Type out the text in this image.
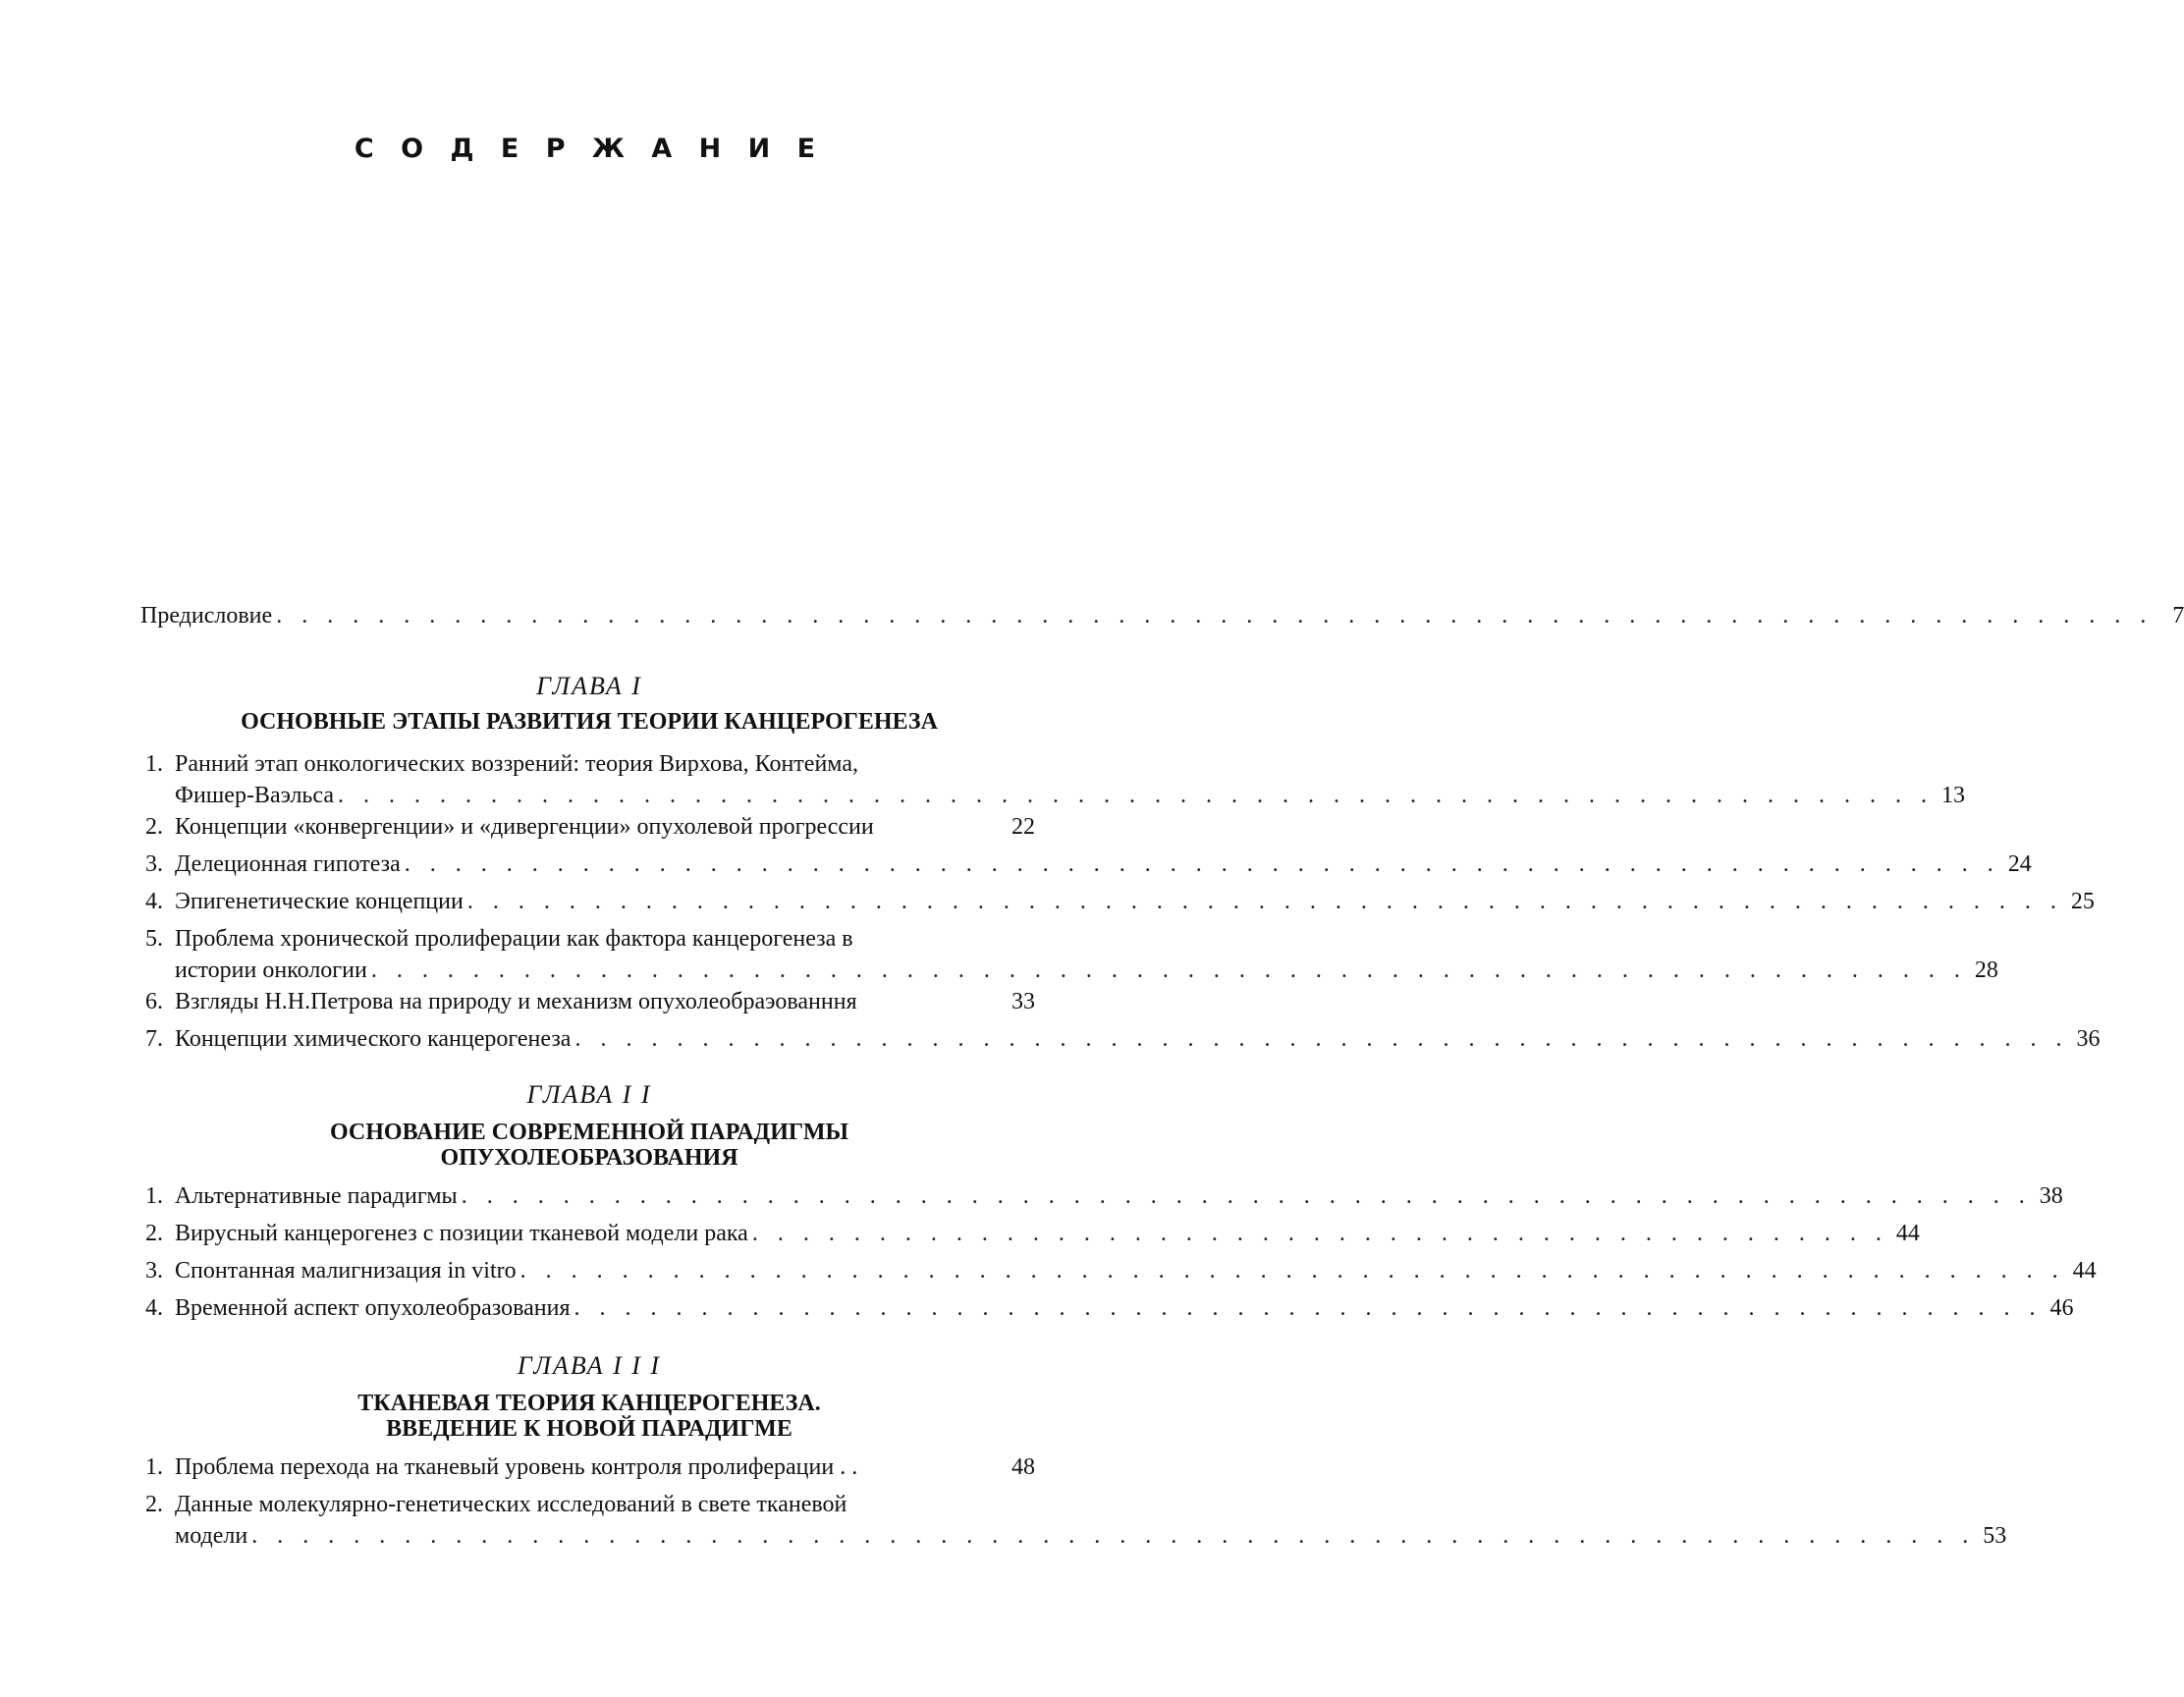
С О Д Е Р Ж А Н И Е
Предисловие . . . . . . . . . . . . . . . . . . . . . . . . . . . . . . . . . . . . . . . . . . . . . . . . . . . . . . . . . . . . . . . . . . . . . . . . . . 7
ГЛАВА I
ОСНОВНЫЕ ЭТАПЫ РАЗВИТИЯ ТЕОРИИ КАНЦЕРОГЕНЕЗА
1. Ранний этап онкологических воззрений: теория Вирхова, Контейма,
Фишер-Ваэльса . . . . . . . . . . . . . . . . . . . . . . . . . . . . . . . . . . . . . . . . . . . . . . . . . . . . . . . . . . . . . . . 13
2. Концепции «конвергенции» и «дивергенции» опухолевой прогрессии	22
3. Делеционная гипотеза . . . . . . . . . . . . . . . . . . . . . . . . . . . . . . . . . . . . . . . . . . . . . . . . . . . . . . . . . . . . . . . 24
4. Эпигенетические концепции . . . . . . . . . . . . . . . . . . . . . . . . . . . . . . . . . . . . . . . . . . . . . . . . . . . . . . . . . . . . . . . 25
5. Проблема хронической пролиферации как фактора канцерогенеза в
истории онкологии . . . . . . . . . . . . . . . . . . . . . . . . . . . . . . . . . . . . . . . . . . . . . . . . . . . . . . . . . . . . . . . 28
6. Взгляды Н.Н.Петрова на природу и механизм опухолеобраэованння	33
7. Концепции химического канцерогенеза . . . . . . . . . . . . . . . . . . . . . . . . . . . . . . . . . . . . . . . . . . . . . . . . . . . . . . . . . . . 36
ГЛАВА I I
ОСНОВАНИЕ СОВРЕМЕННОЙ ПАРАДИГМЫ
ОПУХОЛЕОБРАЗОВАНИЯ
1. Альтернативные парадигмы . . . . . . . . . . . . . . . . . . . . . . . . . . . . . . . . . . . . . . . . . . . . . . . . . . . . . . . . . . . . . . 38
2. Вирусный канцерогенез с позиции тканевой модели рака . . . . . . . . . . . . . . . . . . . . . . . . . . . . . . . . . . . . . . . . . . . . . 44
3. Спонтанная малигнизация in vitro . . . . . . . . . . . . . . . . . . . . . . . . . . . . . . . . . . . . . . . . . . . . . . . . . . . . . . . . . . . . . 44
4. Временной аспект опухолеобразования . . . . . . . . . . . . . . . . . . . . . . . . . . . . . . . . . . . . . . . . . . . . . . . . . . . . . . . . . . 46
ГЛАВА I I I
ТКАНЕВАЯ ТЕОРИЯ КАНЦЕРОГЕНЕЗА.
ВВЕДЕНИЕ К НОВОЙ ПАРАДИГМЕ
1. Проблема перехода на тканевый уровень контроля пролиферации . .	48
2. Данные молекулярно-генетических исследований в свете тканевой
модели . . . . . . . . . . . . . . . . . . . . . . . . . . . . . . . . . . . . . . . . . . . . . . . . . . . . . . . . . . . . . . . . . . . . 53
